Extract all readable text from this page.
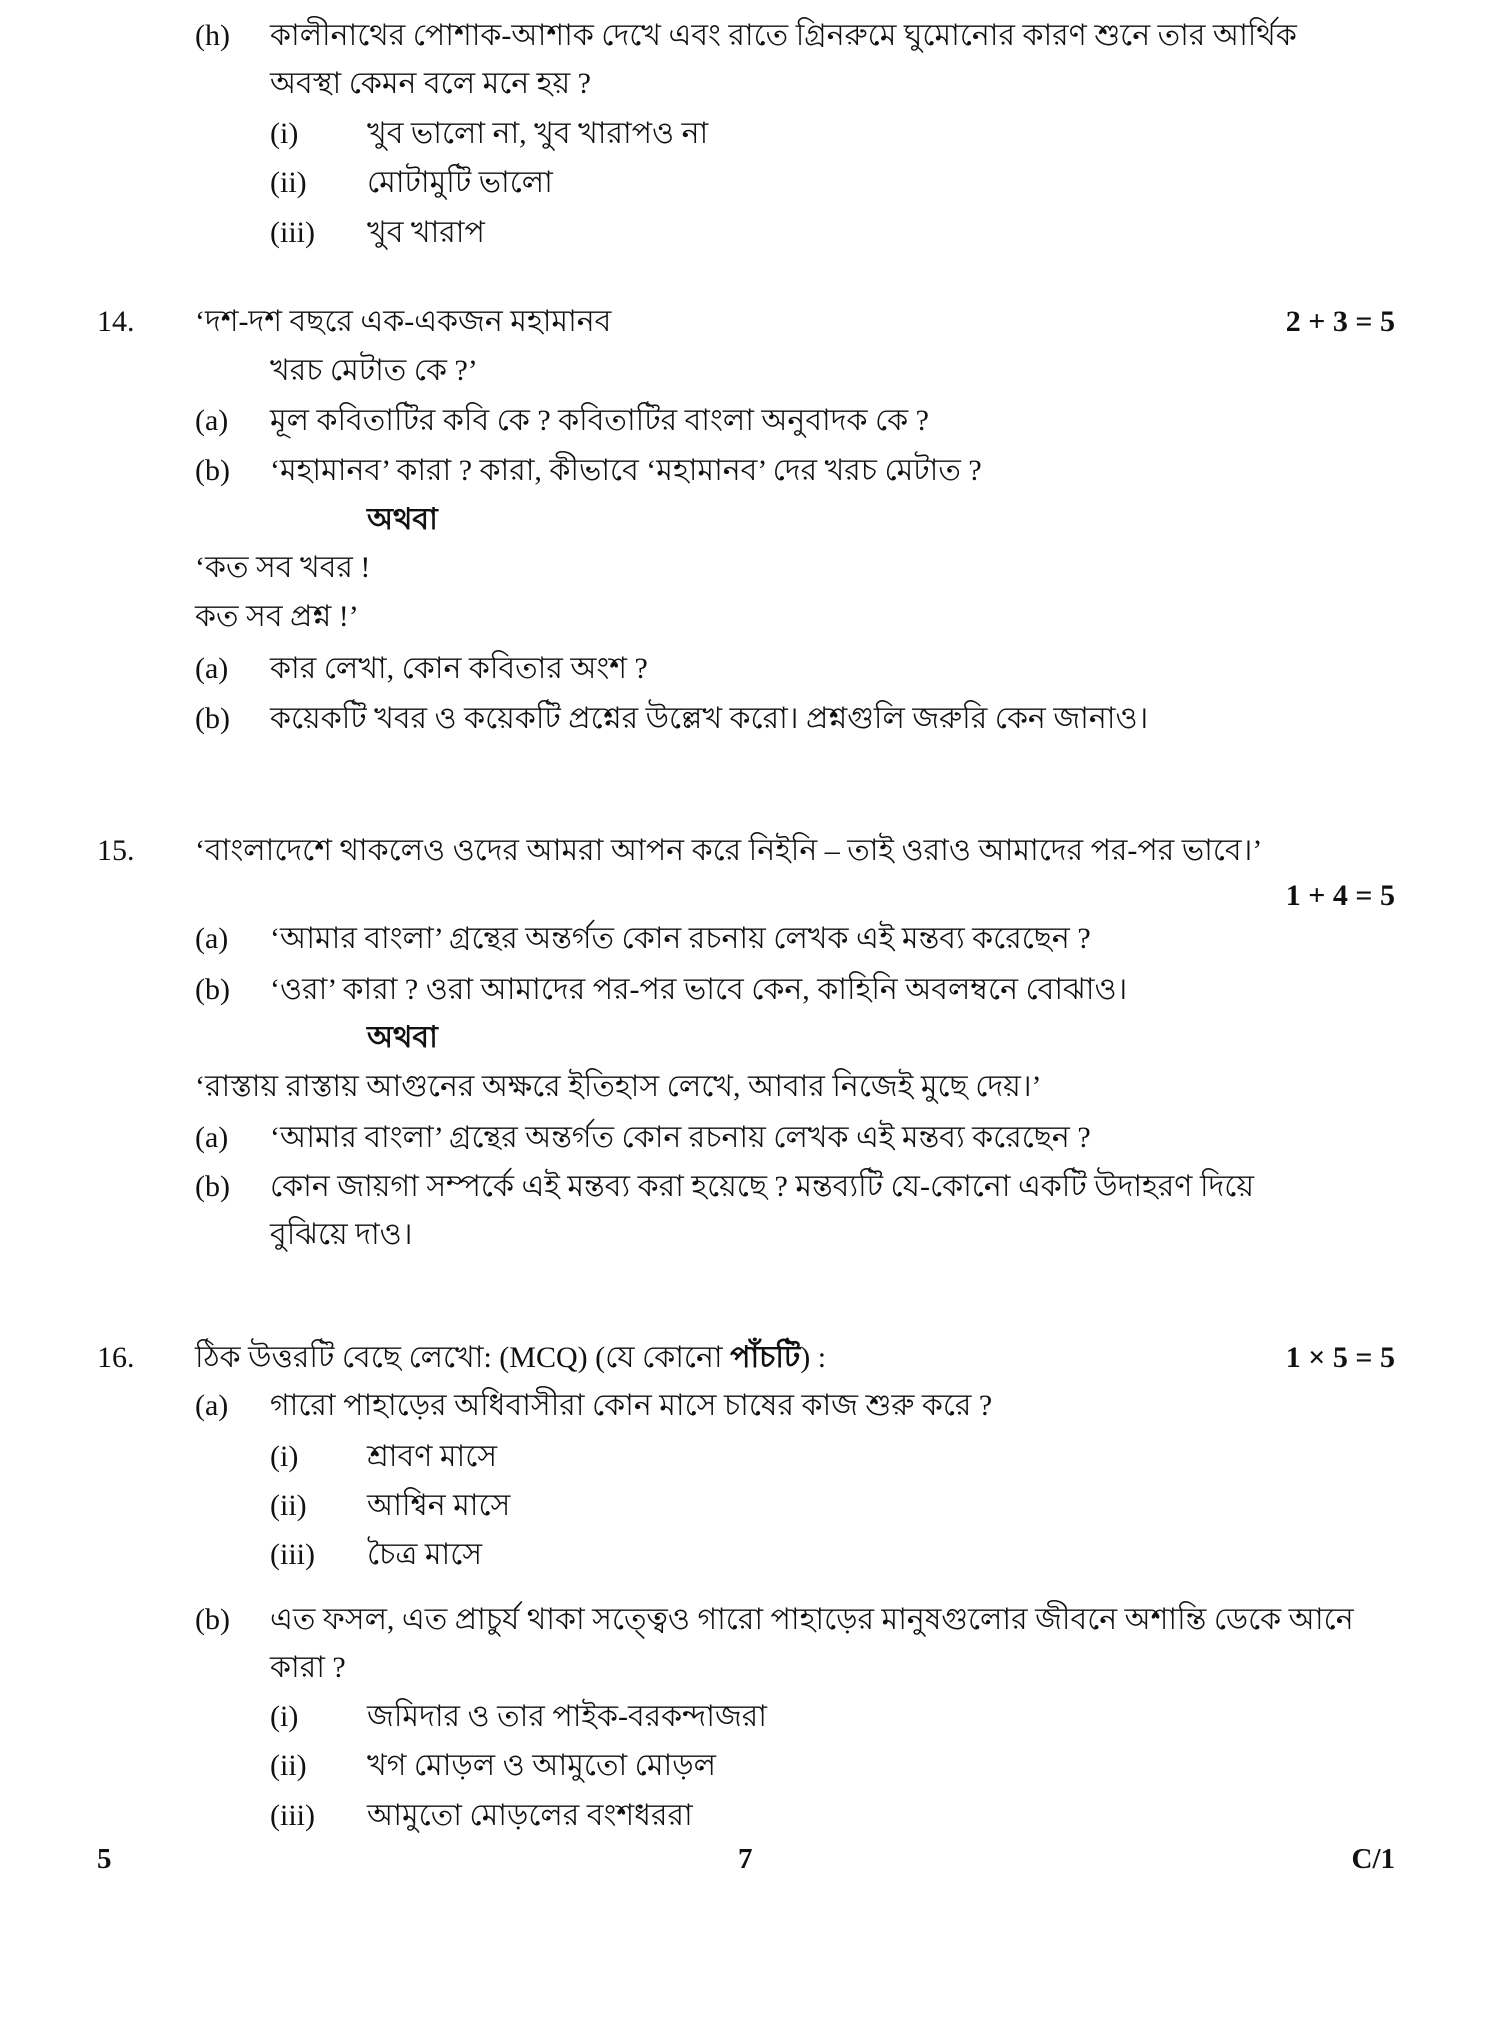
(h) কালীনাথের পোশাক-আশাক দেখে এবং রাতে গ্রিনরুমে ঘুমোনোর কারণ শুনে তার আর্থিক
অবস্থা কেমন বলে মনে হয় ?
(i) খুব ভালো না, খুব খারাপও না
(ii) মোটামুটি ভালো
(iii) খুব খারাপ
14. ‘দশ-দশ বছরে এক-একজন মহামানব	2 + 3 = 5
খরচ মেটাত কে ?’
(a) মূল কবিতাটির কবি কে ? কবিতাটির বাংলা অনুবাদক কে ?
(b) ‘মহামানব’ কারা ? কারা, কীভাবে ‘মহামানব’ দের খরচ মেটাত ?
অথবা
‘কত সব খবর !
কত সব প্রশ্ন !’
(a) কার লেখা, কোন কবিতার অংশ ?
(b) কয়েকটি খবর ও কয়েকটি প্রশ্নের উল্লেখ করো। প্রশ্নগুলি জরুরি কেন জানাও।
15. ‘বাংলাদেশে থাকলেও ওদের আমরা আপন করে নিইনি – তাই ওরাও আমাদের পর-পর ভাবে।’
1 + 4 = 5
(a) ‘আমার বাংলা’ গ্রন্থের অন্তর্গত কোন রচনায় লেখক এই মন্তব্য করেছেন ?
(b) ‘ওরা’ কারা ? ওরা আমাদের পর-পর ভাবে কেন, কাহিনি অবলম্বনে বোঝাও।
অথবা
‘রাস্তায় রাস্তায় আগুনের অক্ষরে ইতিহাস লেখে, আবার নিজেই মুছে দেয়।’
(a) ‘আমার বাংলা’ গ্রন্থের অন্তর্গত কোন রচনায় লেখক এই মন্তব্য করেছেন ?
(b) কোন জায়গা সম্পর্কে এই মন্তব্য করা হয়েছে ? মন্তব্যটি যে-কোনো একটি উদাহরণ দিয়ে
বুঝিয়ে দাও।
16. ঠিক উত্তরটি বেছে লেখো: (MCQ) (যে কোনো পাঁচটি) :	1 × 5 = 5
(a) গারো পাহাড়ের অধিবাসীরা কোন মাসে চাষের কাজ শুরু করে ?
(i) শ্রাবণ মাসে
(ii) আশ্বিন মাসে
(iii) চৈত্র মাসে
(b) এত ফসল, এত প্রাচুর্য থাকা সত্ত্বেও গারো পাহাড়ের মানুষগুলোর জীবনে অশান্তি ডেকে আনে
কারা ?
(i) জমিদার ও তার পাইক-বরকন্দাজরা
(ii) খগ মোড়ল ও আমুতো মোড়ল
(iii) আমুতো মোড়লের বংশধররা
5	7	C/1
